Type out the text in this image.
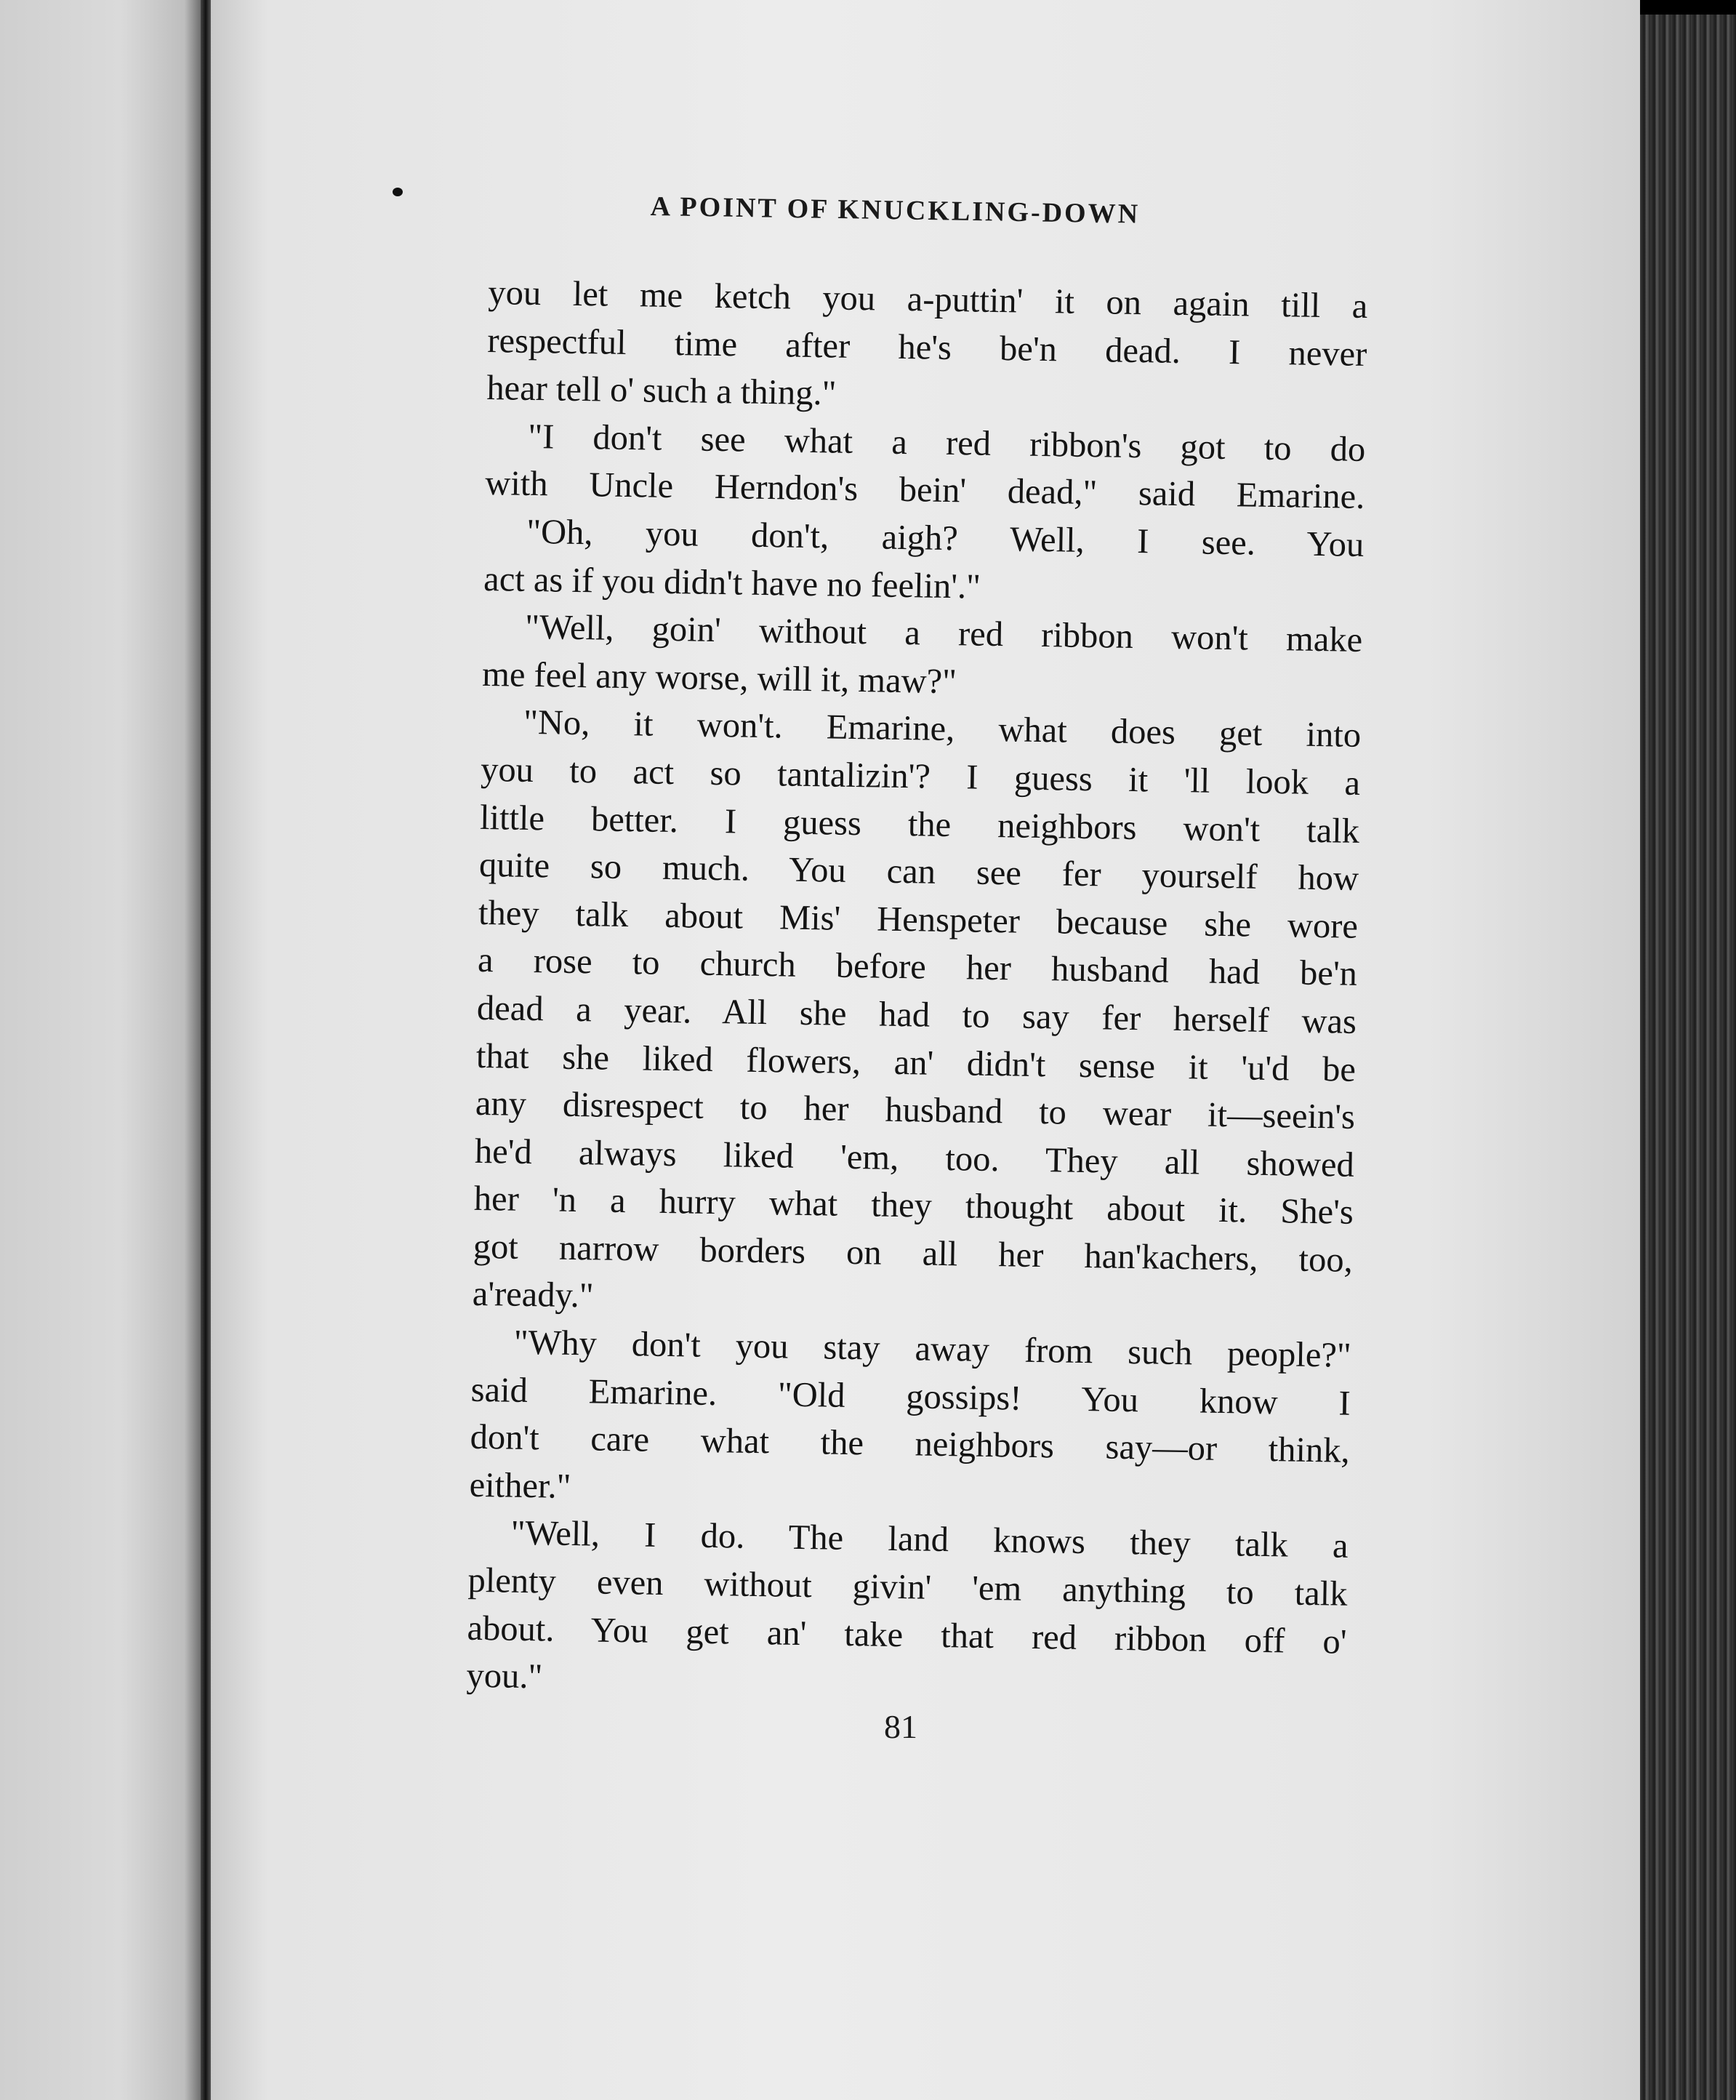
A POINT OF KNUCKLING-DOWN
you let me ketch you a-puttin' it on again till a
respectful time after he's be'n dead. I never
hear tell o' such a thing."
"I don't see what a red ribbon's got to do
with Uncle Herndon's bein' dead," said Emarine.
"Oh, you don't, aigh? Well, I see. You
act as if you didn't have no feelin'."
"Well, goin' without a red ribbon won't make
me feel any worse, will it, maw?"
"No, it won't. Emarine, what does get into
you to act so tantalizin'? I guess it 'll look a
little better. I guess the neighbors won't talk
quite so much. You can see fer yourself how
they talk about Mis' Henspeter because she wore
a rose to church before her husband had be'n
dead a year. All she had to say fer herself was
that she liked flowers, an' didn't sense it 'u'd be
any disrespect to her husband to wear it—seein's
he'd always liked 'em, too. They all showed
her 'n a hurry what they thought about it. She's
got narrow borders on all her han'kachers, too,
a'ready."
"Why don't you stay away from such people?"
said Emarine. "Old gossips! You know I
don't care what the neighbors say—or think,
either."
"Well, I do. The land knows they talk a
plenty even without givin' 'em anything to talk
about. You get an' take that red ribbon off o'
you."
81
